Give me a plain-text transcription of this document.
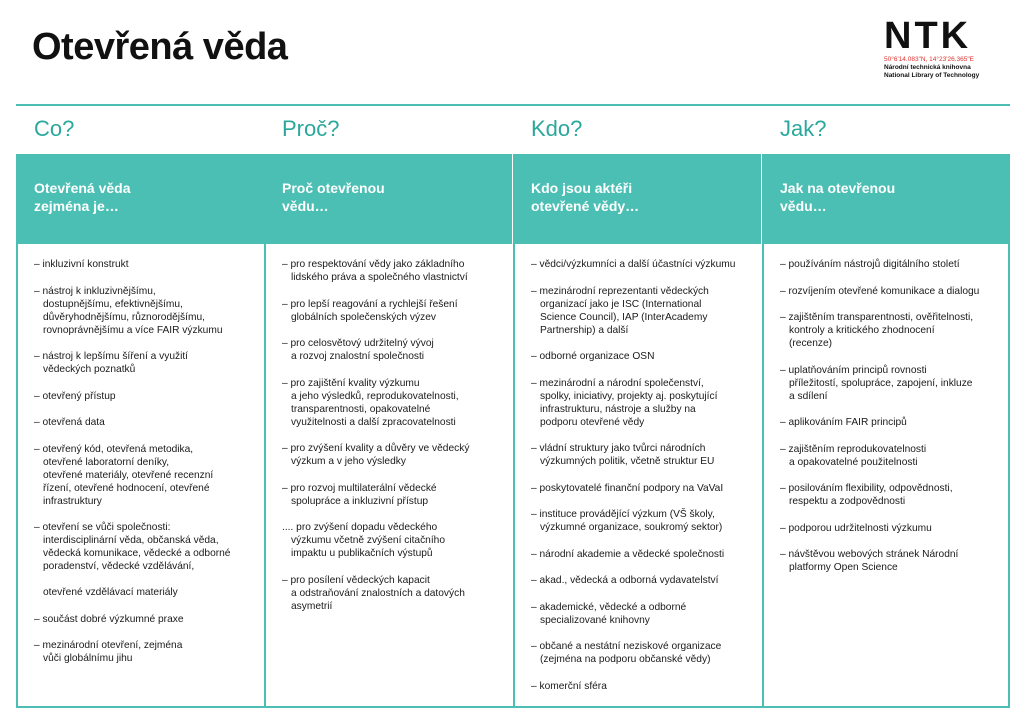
Otevřená věda	NTK
50°6'14.083"N, 14°23'26.365"E
Národní technická knihovna
National Library of Technology
Co?
Otevřená věda
zejména je…
– inkluzivní konstrukt
– nástroj k inkluzivnějšímu,
dostupnějšímu, efektivnějšímu,
důvěryhodnějšímu, různorodějšímu,
rovnoprávnějšímu a více FAIR výzkumu
– nástroj k lepšímu šíření a využití
vědeckých poznatků
– otevřený přístup
– otevřená data
– otevřený kód, otevřená metodika,
otevřené laboratorní deníky,
otevřené materiály, otevřené recenzní
řízení, otevřené hodnocení, otevřené
infrastruktury
– otevření se vůči společnosti:
interdisciplinární věda, občanská věda,
vědecká komunikace, vědecké a odborné
poradenství, vědecké vzdělávání,

otevřené vzdělávací materiály
– součást dobré výzkumné praxe
– mezinárodní otevření, zejména
vůči globálnímu jihu
Proč?
Proč otevřenou
vědu…
– pro respektování vědy jako základního
lidského práva a společného vlastnictví
– pro lepší reagování a rychlejší řešení
globálních společenských výzev
– pro celosvětový udržitelný vývoj
a rozvoj znalostní společnosti
– pro zajištění kvality výzkumu
a jeho výsledků, reprodukovatelnosti,
transparentnosti, opakovatelné
využitelnosti a další zpracovatelnosti
– pro zvýšení kvality a důvěry ve vědecký
výzkum a v jeho výsledky
– pro rozvoj multilaterální vědecké
spolupráce a inkluzivní přístup
.... pro zvýšení dopadu vědeckého
výzkumu včetně zvýšení citačního
impaktu u publikačních výstupů
– pro posílení vědeckých kapacit
a odstraňování znalostních a datových
asymetrií
Kdo?
Kdo jsou aktéři
otevřené vědy…
– vědci/výzkumníci a další účastníci výzkumu
– mezinárodní reprezentanti vědeckých
organizací jako je ISC (International
Science Council), IAP (InterAcademy
Partnership) a další
– odborné organizace OSN
– mezinárodní a národní společenství,
spolky, iniciativy, projekty aj. poskytující
infrastrukturu, nástroje a služby na
podporu otevřené vědy
– vládní struktury jako tvůrci národních
výzkumných politik, včetně struktur EU
– poskytovatelé finanční podpory na VaVaI
– instituce provádějící výzkum (VŠ školy,
výzkumné organizace, soukromý sektor)
– národní akademie a vědecké společnosti
– akad., vědecká a odborná vydavatelství
– akademické, vědecké a odborné
specializované knihovny
– občané a nestátní neziskové organizace
(zejména na podporu občanské vědy)
– komerční sféra
Jak?
Jak na otevřenou
vědu…
– používáním nástrojů digitálního století
– rozvíjením otevřené komunikace a dialogu
– zajištěním transparentnosti, ověřitelnosti,
kontroly a kritického zhodnocení
(recenze)
– uplatňováním principů rovnosti
příležitostí, spolupráce, zapojení, inkluze
a sdílení
– aplikováním FAIR principů
– zajištěním reprodukovatelnosti
a opakovatelné použitelnosti
– posilováním flexibility, odpovědnosti,
respektu a zodpovědnosti
– podporou udržitelnosti výzkumu
– návštěvou webových stránek Národní
platformy Open Science
